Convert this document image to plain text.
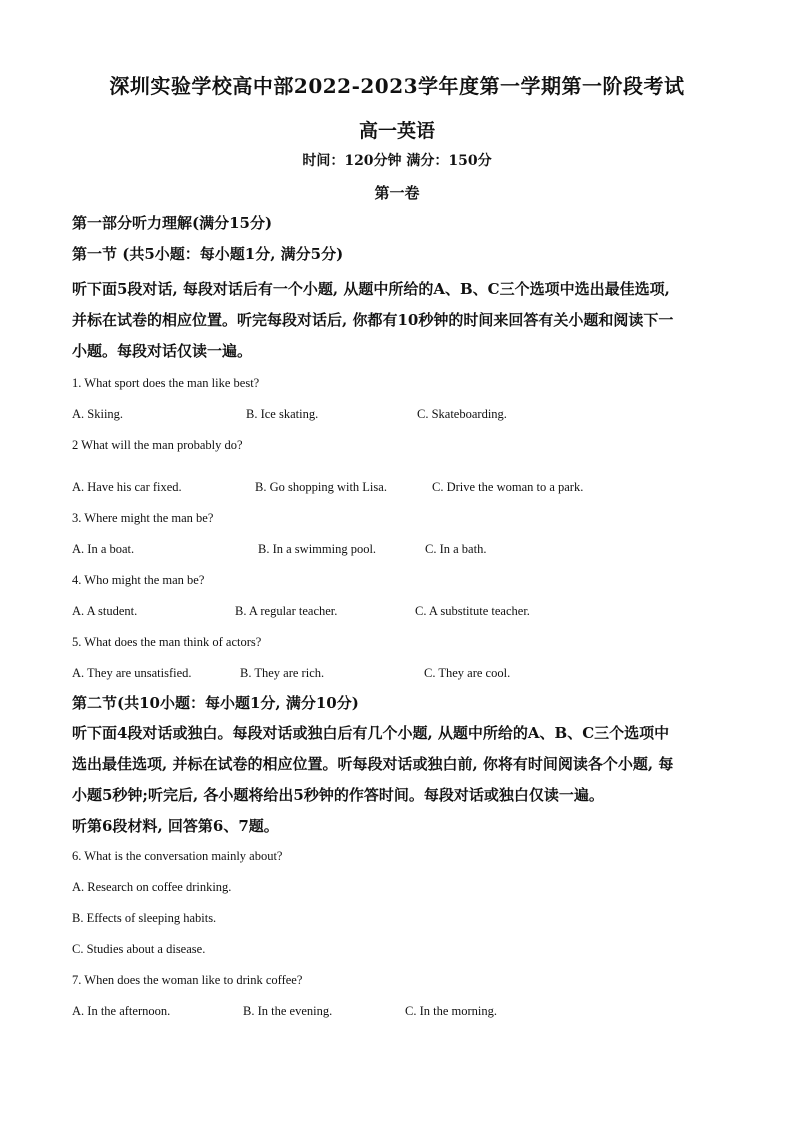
深圳实验学校高中部2022-2023学年度第一学期第一阶段考试
高一英语
时间：120分钟 满分：150分
第一卷
第一部分听力理解(满分15分)
第一节 (共5小题：每小题1分, 满分5分)
听下面5段对话, 每段对话后有一个小题, 从题中所给的A、B、C三个选项中选出最佳选项,
并标在试卷的相应位置。听完每段对话后, 你都有10秒钟的时间来回答有关小题和阅读下一
小题。每段对话仅读一遍。
1. What sport does the man like best?
A. Skiing.	B. Ice skating.	C. Skateboarding.
2 What will the man probably do?
A. Have his car fixed.	B. Go shopping with Lisa.	C. Drive the woman to a park.
3. Where might the man be?
A. In a boat.	B. In a swimming pool.	C. In a bath.
4. Who might the man be?
A. A student.	B. A regular teacher.	C. A substitute teacher.
5. What does the man think of actors?
A. They are unsatisfied.	B. They are rich.	C. They are cool.
第二节(共10小题：每小题1分, 满分10分)
听下面4段对话或独白。每段对话或独白后有几个小题, 从题中所给的A、B、C三个选项中
选出最佳选项, 并标在试卷的相应位置。听每段对话或独白前, 你将有时间阅读各个小题, 每
小题5秒钟;听完后, 各小题将给出5秒钟的作答时间。每段对话或独白仅读一遍。
听第6段材料, 回答第6、7题。
6. What is the conversation mainly about?
A. Research on coffee drinking.
B. Effects of sleeping habits.
C. Studies about a disease.
7. When does the woman like to drink coffee?
A. In the afternoon.	B. In the evening.	C. In the morning.
